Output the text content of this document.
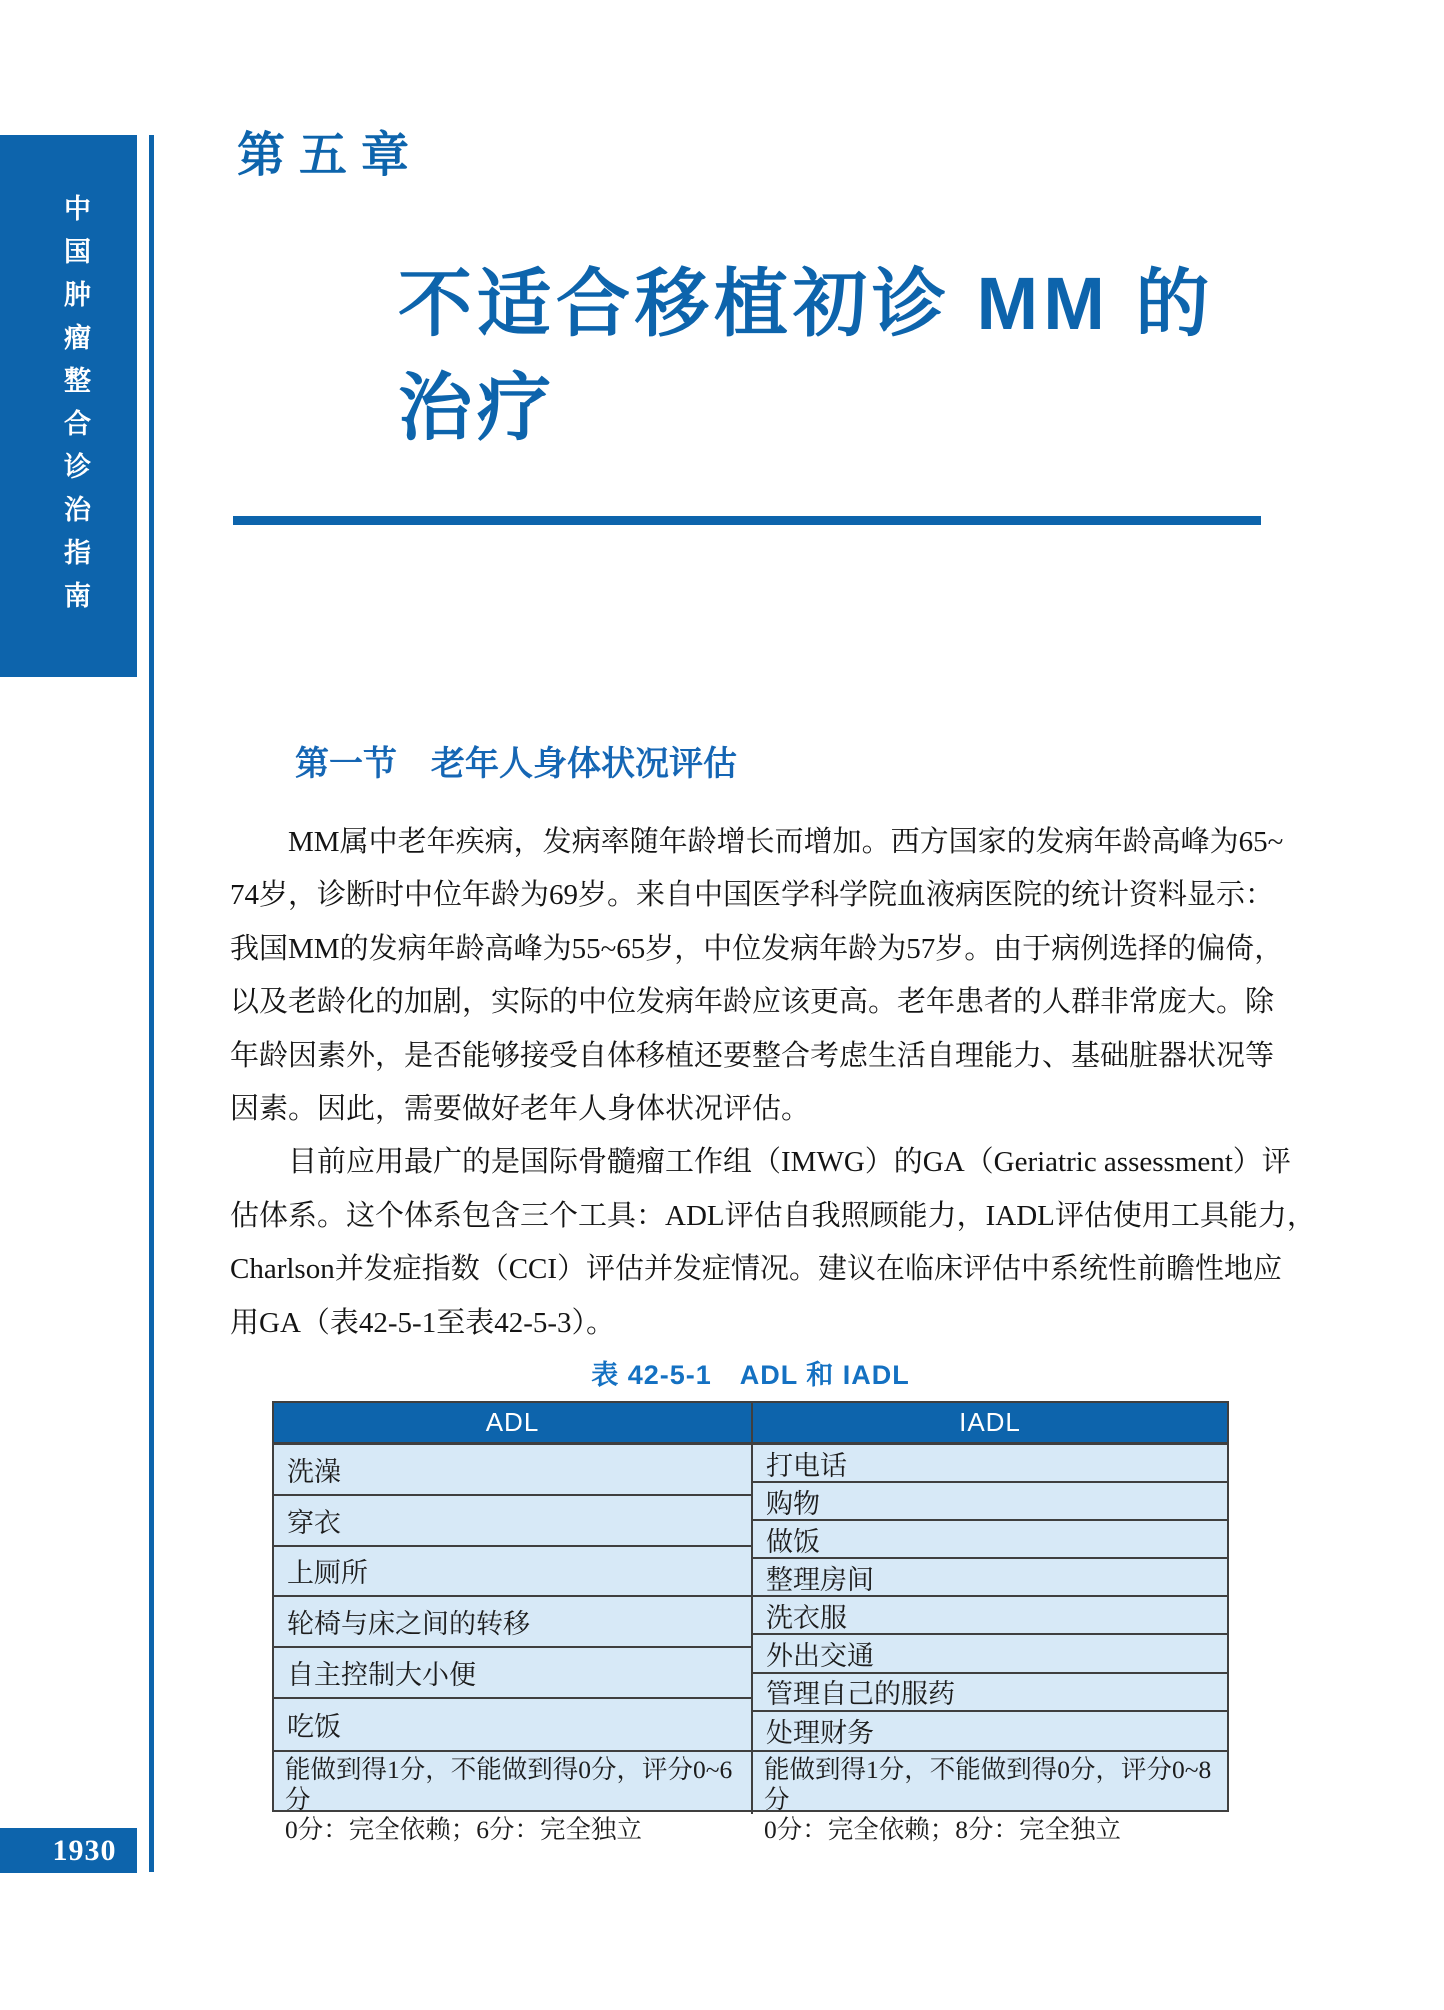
中
国
肿
瘤
整
合
诊
治
指
南
第五章
不适合移植初诊 MM 的
治疗
第一节　老年人身体状况评估
MM属中老年疾病，发病率随年龄增长而增加。西方国家的发病年龄高峰为65~
74岁，诊断时中位年龄为69岁。来自中国医学科学院血液病医院的统计资料显示：
我国MM的发病年龄高峰为55~65岁，中位发病年龄为57岁。由于病例选择的偏倚，
以及老龄化的加剧，实际的中位发病年龄应该更高。老年患者的人群非常庞大。除
年龄因素外，是否能够接受自体移植还要整合考虑生活自理能力、基础脏器状况等
因素。因此，需要做好老年人身体状况评估。
目前应用最广的是国际骨髓瘤工作组（IMWG）的GA（Geriatric assessment）评
估体系。这个体系包含三个工具：ADL评估自我照顾能力，IADL评估使用工具能力，
Charlson并发症指数（CCI）评估并发症情况。建议在临床评估中系统性前瞻性地应
用GA（表42-5-1至表42-5-3）。
表 42-5-1　ADL 和 IADL
ADL	IADL
洗澡
穿衣
上厕所
轮椅与床之间的转移
自主控制大小便
吃饭
打电话
购物
做饭
整理房间
洗衣服
外出交通
管理自己的服药
处理财务
能做到得1分，不能做到得0分，评分0~6分
0分：完全依赖；6分：完全独立
能做到得1分，不能做到得0分，评分0~8分
0分：完全依赖；8分：完全独立
1930
